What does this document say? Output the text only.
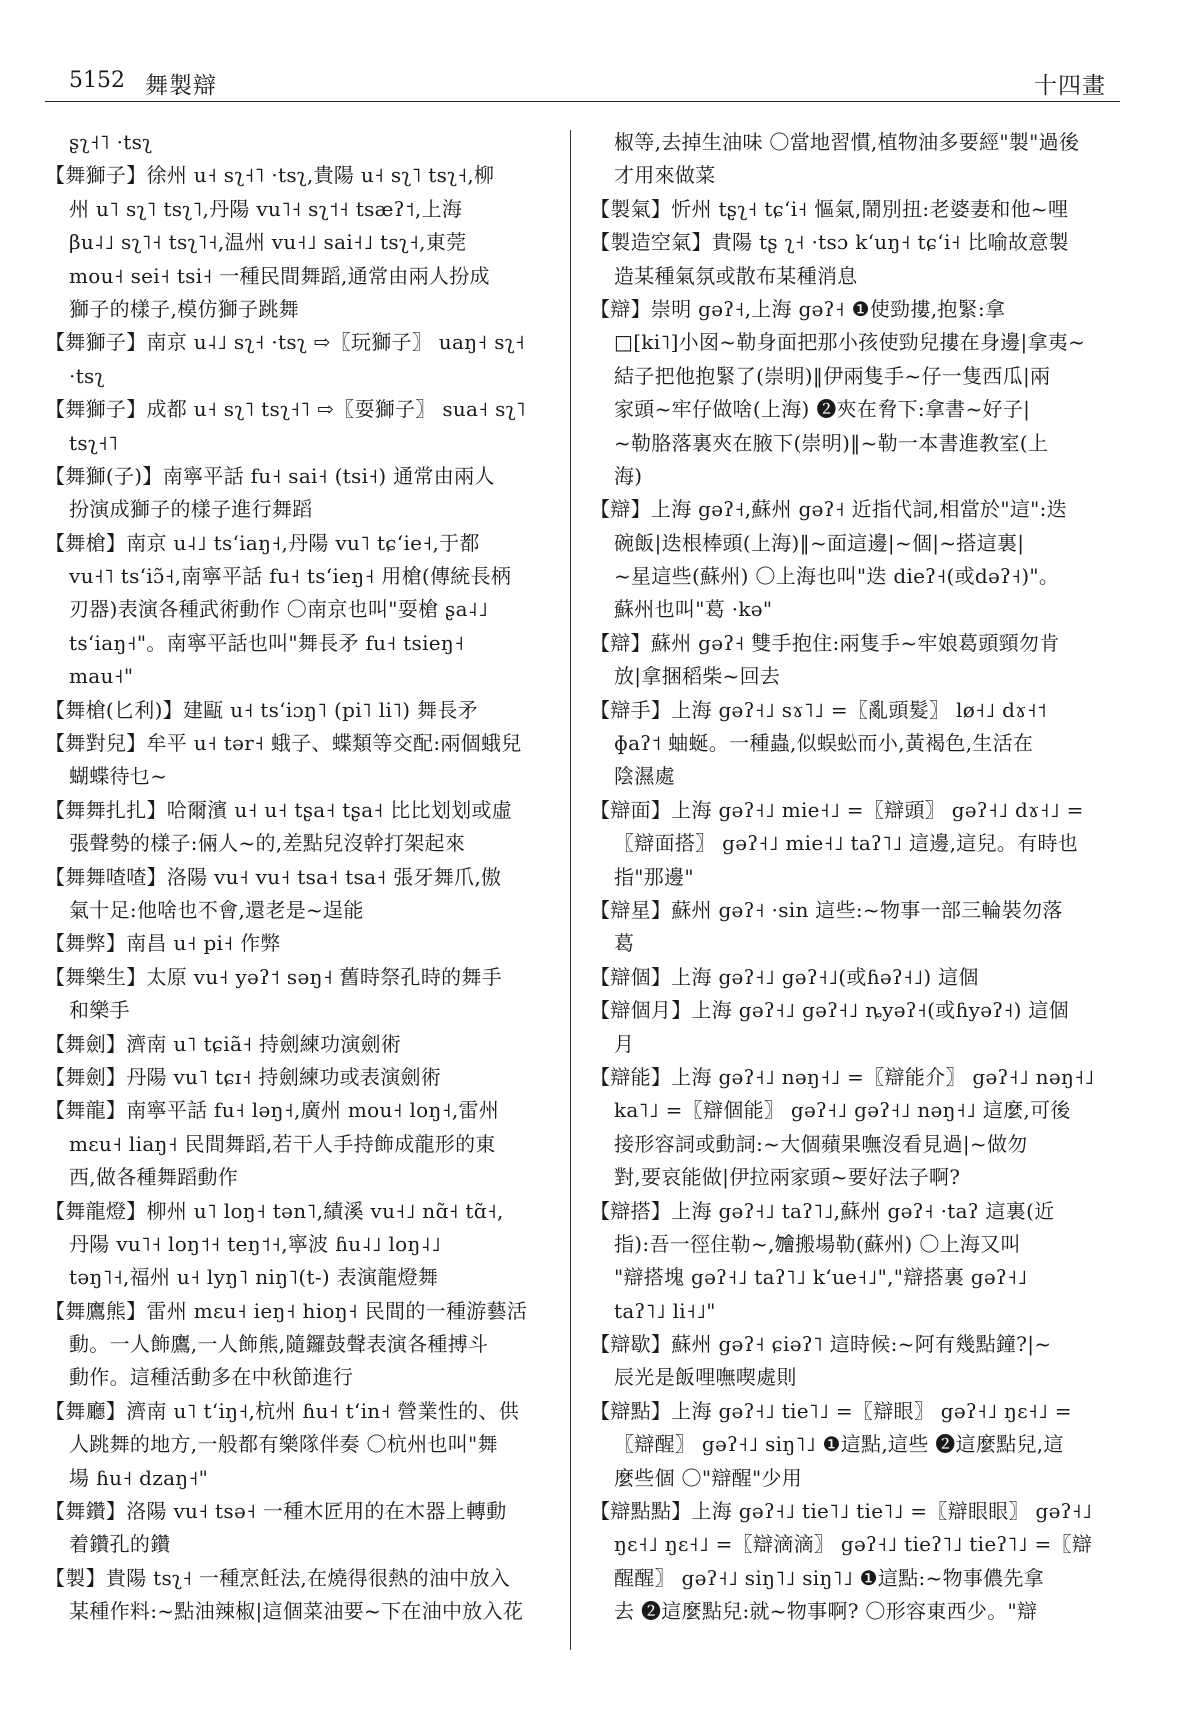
5152 舞製辯	十四畫
ʂʅ˧˥ ·tsʅ
【舞獅子】徐州 u˧ sʅ˧˥ ·tsʅ,貴陽 u˧ sʅ˥ tsʅ˧,柳
州 u˥ sʅ˥ tsʅ˥,丹陽 vu˥˧ sʅ˦˧ tsæʔ˦,上海
βu˨˩ sʅ˥˧ tsʅ˥˧,温州 vu˧˩ sai˧˩ tsʅ˧,東莞
mou˧ sei˧ tsi˧ 一種民間舞蹈,通常由兩人扮成
獅子的樣子,模仿獅子跳舞
【舞獅子】南京 u˨˩ sʅ˧ ·tsʅ ⇨〖玩獅子〗 uaŋ˧ sʅ˧
·tsʅ
【舞獅子】成都 u˧ sʅ˥ tsʅ˧˥ ⇨〖耍獅子〗 sua˧ sʅ˥
tsʅ˧˥
【舞獅(子)】南寧平話 fu˧ sai˧ (tsi˧) 通常由兩人
扮演成獅子的樣子進行舞蹈
【舞槍】南京 u˨˩ tsʻiaŋ˧,丹陽 vu˥ tɕʻie˧,于都
vu˧˥ tsʻiɔ̃˧,南寧平話 fu˧ tsʻieŋ˧ 用槍(傳統長柄
刃器)表演各種武術動作 〇南京也叫"耍槍 ʂa˨˩
tsʻiaŋ˧"。南寧平話也叫"舞長矛 fu˧ tsieŋ˧
mau˧"
【舞槍(匕利)】建甌 u˧ tsʻiɔŋ˥ (pi˥ li˥) 舞長矛
【舞對兒】牟平 u˧ tər˧ 蛾子、蝶類等交配:兩個蛾兒
蝴蝶待乜~
【舞舞扎扎】哈爾濱 u˧ u˧ tʂa˧ tʂa˧ 比比划划或虛
張聲勢的樣子:倆人~的,差點兒沒幹打架起來
【舞舞喳喳】洛陽 vu˧ vu˧ tsa˧ tsa˧ 張牙舞爪,傲
氣十足:他啥也不會,還老是~逞能
【舞弊】南昌 u˧ pi˧ 作弊
【舞樂生】太原 vu˧ yəʔ˦ səŋ˧ 舊時祭孔時的舞手
和樂手
【舞劍】濟南 u˥ tɕiã˧ 持劍練功演劍術
【舞劍】丹陽 vu˥ tɕɪ˧ 持劍練功或表演劍術
【舞龍】南寧平話 fu˧ ləŋ˧,廣州 mou˧ loŋ˧,雷州
mɛu˧ liaŋ˧ 民間舞蹈,若干人手持飾成龍形的東
西,做各種舞蹈動作
【舞龍燈】柳州 u˥ loŋ˧ tən˥,績溪 vu˧˩ nɑ̃˧ tɑ̃˧,
丹陽 vu˥˧ loŋ˦˧ teŋ˦˧,寧波 ɦu˨˩ loŋ˨˩
təŋ˥˧,福州 u˧ lyŋ˥ niŋ˥(t-) 表演龍燈舞
【舞鷹熊】雷州 mɛu˧ ieŋ˧ hioŋ˧ 民間的一種游藝活
動。一人飾鷹,一人飾熊,隨鑼鼓聲表演各種搏斗
動作。這種活動多在中秋節進行
【舞廳】濟南 u˥ tʻiŋ˧,杭州 ɦu˧ tʻin˧ 營業性的、供
人跳舞的地方,一般都有樂隊伴奏 〇杭州也叫"舞
場 ɦu˧ dzaŋ˧"
【舞鑽】洛陽 vu˧ tsə˧ 一種木匠用的在木器上轉動
着鑽孔的鑽
【製】貴陽 tsʅ˧ 一種烹飪法,在燒得很熱的油中放入
某種作料:~點油辣椒|這個菜油要~下在油中放入花
椒等,去掉生油味 〇當地習慣,植物油多要經"製"過後
才用來做菜
【製氣】忻州 tʂʅ˧ tɕʻi˧ 慪氣,鬧別扭:老婆妻和他~哩
【製造空氣】貴陽 tʂ ʅ˧ ·tsɔ kʻuŋ˧ tɕʻi˧ 比喻故意製
造某種氣氛或散布某種消息
【辯】崇明 gəʔ˧,上海 gəʔ˧ ❶使勁摟,抱緊:拿
□[ki˥]小囡~勒身面把那小孩使勁兒摟在身邊|拿夷~
結子把他抱緊了(崇明)‖伊兩隻手~仔一隻西瓜|兩
家頭~牢仔做啥(上海) ❷夾在脅下:拿書~好子|
~勒胳落裏夾在腋下(崇明)‖~勒一本書進教室(上
海)
【辯】上海 gəʔ˧,蘇州 gəʔ˧ 近指代詞,相當於"這":迭
碗飯|迭根棒頭(上海)‖~面這邊|~個|~搭這裏|
~星這些(蘇州) 〇上海也叫"迭 dieʔ˧(或dəʔ˧)"。
蘇州也叫"葛 ·kə"
【辯】蘇州 gəʔ˧ 雙手抱住:兩隻手~牢娘葛頭頸勿肯
放|拿捆稻柴~回去
【辯手】上海 gəʔ˧˩ sɤ˥˩ =〖亂頭髮〗 lø˧˩ dɤ˧˦
ɸaʔ˦ 蚰蜒。一種蟲,似蜈蚣而小,黃褐色,生活在
陰濕處
【辯面】上海 gəʔ˧˩ mie˧˩ =〖辯頭〗 gəʔ˧˩ dɤ˧˩ =
〖辯面搭〗 gəʔ˧˩ mie˧˩ taʔ˥˩ 這邊,這兒。有時也
指"那邊"
【辯星】蘇州 gəʔ˧ ·sin 這些:~物事一部三輪裝勿落
葛
【辯個】上海 gəʔ˧˩ gəʔ˧˩(或ɦəʔ˧˩) 這個
【辯個月】上海 gəʔ˧˩ gəʔ˧˩ ȵyəʔ˧(或ɦyəʔ˧) 這個
月
【辯能】上海 gəʔ˧˩ nəŋ˧˩ =〖辯能介〗 gəʔ˧˩ nəŋ˧˩
ka˥˩ =〖辯個能〗 gəʔ˧˩ gəʔ˧˩ nəŋ˧˩ 這麼,可後
接形容詞或動詞:~大個蘋果嘸沒看見過|~做勿
對,要哀能做|伊拉兩家頭~要好法子啊?
【辯搭】上海 gəʔ˧˩ taʔ˥˩,蘇州 gəʔ˧ ·taʔ 這裏(近
指):吾一徑住勒~,𣍐搬場勒(蘇州) 〇上海又叫
"辯搭塊 gəʔ˧˩ taʔ˥˩ kʻue˧˩","辯搭裏 gəʔ˧˩
taʔ˥˩ li˧˩"
【辯歇】蘇州 gəʔ˧ ɕiəʔ˥ 這時候:~阿有幾點鐘?|~
辰光是飯哩嘸喫處則
【辯點】上海 gəʔ˧˩ tie˥˩ =〖辯眼〗 gəʔ˧˩ ŋɛ˧˩ =
〖辯醒〗 gəʔ˧˩ siŋ˥˩ ❶這點,這些 ❷這麼點兒,這
麼些個 〇"辯醒"少用
【辯點點】上海 gəʔ˧˩ tie˥˩ tie˥˩ =〖辯眼眼〗 gəʔ˧˩
ŋɛ˧˩ ŋɛ˧˩ =〖辯滴滴〗 gəʔ˧˩ tieʔ˥˩ tieʔ˥˩ =〖辯
醒醒〗 gəʔ˧˩ siŋ˥˩ siŋ˥˩ ❶這點:~物事儂先拿
去 ❷這麼點兒:就~物事啊? 〇形容東西少。"辯
